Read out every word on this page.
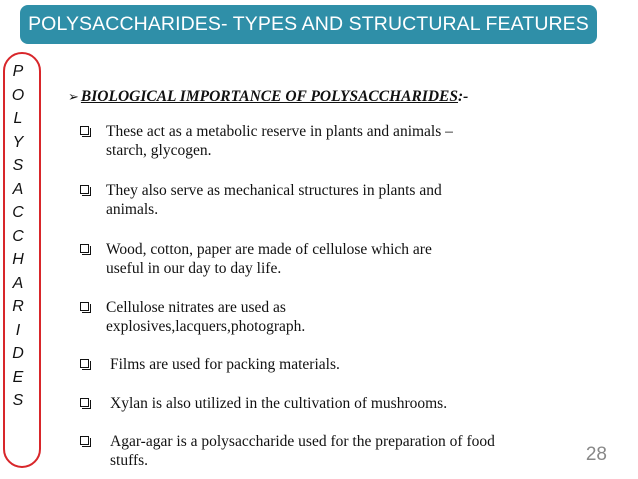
POLYSACCHARIDES- TYPES AND STRUCTURAL FEATURES
P
O
L
Y
S
A
C
C
H
A
R
I
D
E
S
➢ BIOLOGICAL IMPORTANCE OF POLYSACCHARIDES:-
These act as a metabolic reserve in plants and animals –
starch, glycogen.
They also serve as mechanical structures in plants and
animals.
Wood, cotton, paper are made of cellulose which are
useful in our day to day life.
Cellulose nitrates are used as
explosives,lacquers,photograph.
Films are used for packing materials.
Xylan is also utilized in the cultivation of mushrooms.
Agar-agar is a polysaccharide used for the preparation of food
stuffs.	28
